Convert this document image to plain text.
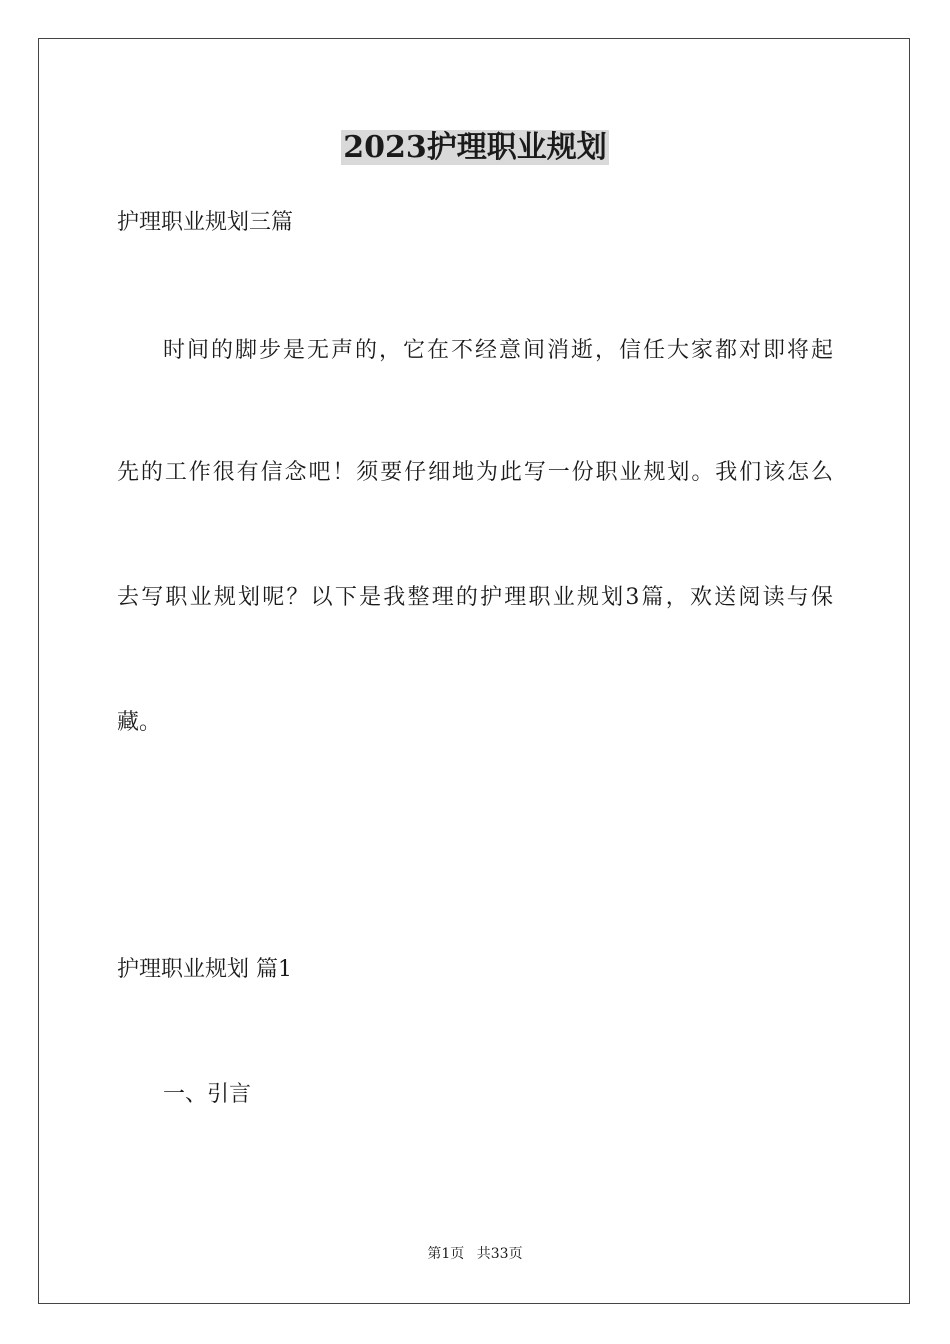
2023护理职业规划
护理职业规划三篇
时间的脚步是无声的，它在不经意间消逝，信任大家都对即将起
先的工作很有信念吧！须要仔细地为此写一份职业规划。我们该怎么
去写职业规划呢？以下是我整理的护理职业规划3篇，欢送阅读与保
藏。
护理职业规划 篇1
一、引言
第1页 共33页
